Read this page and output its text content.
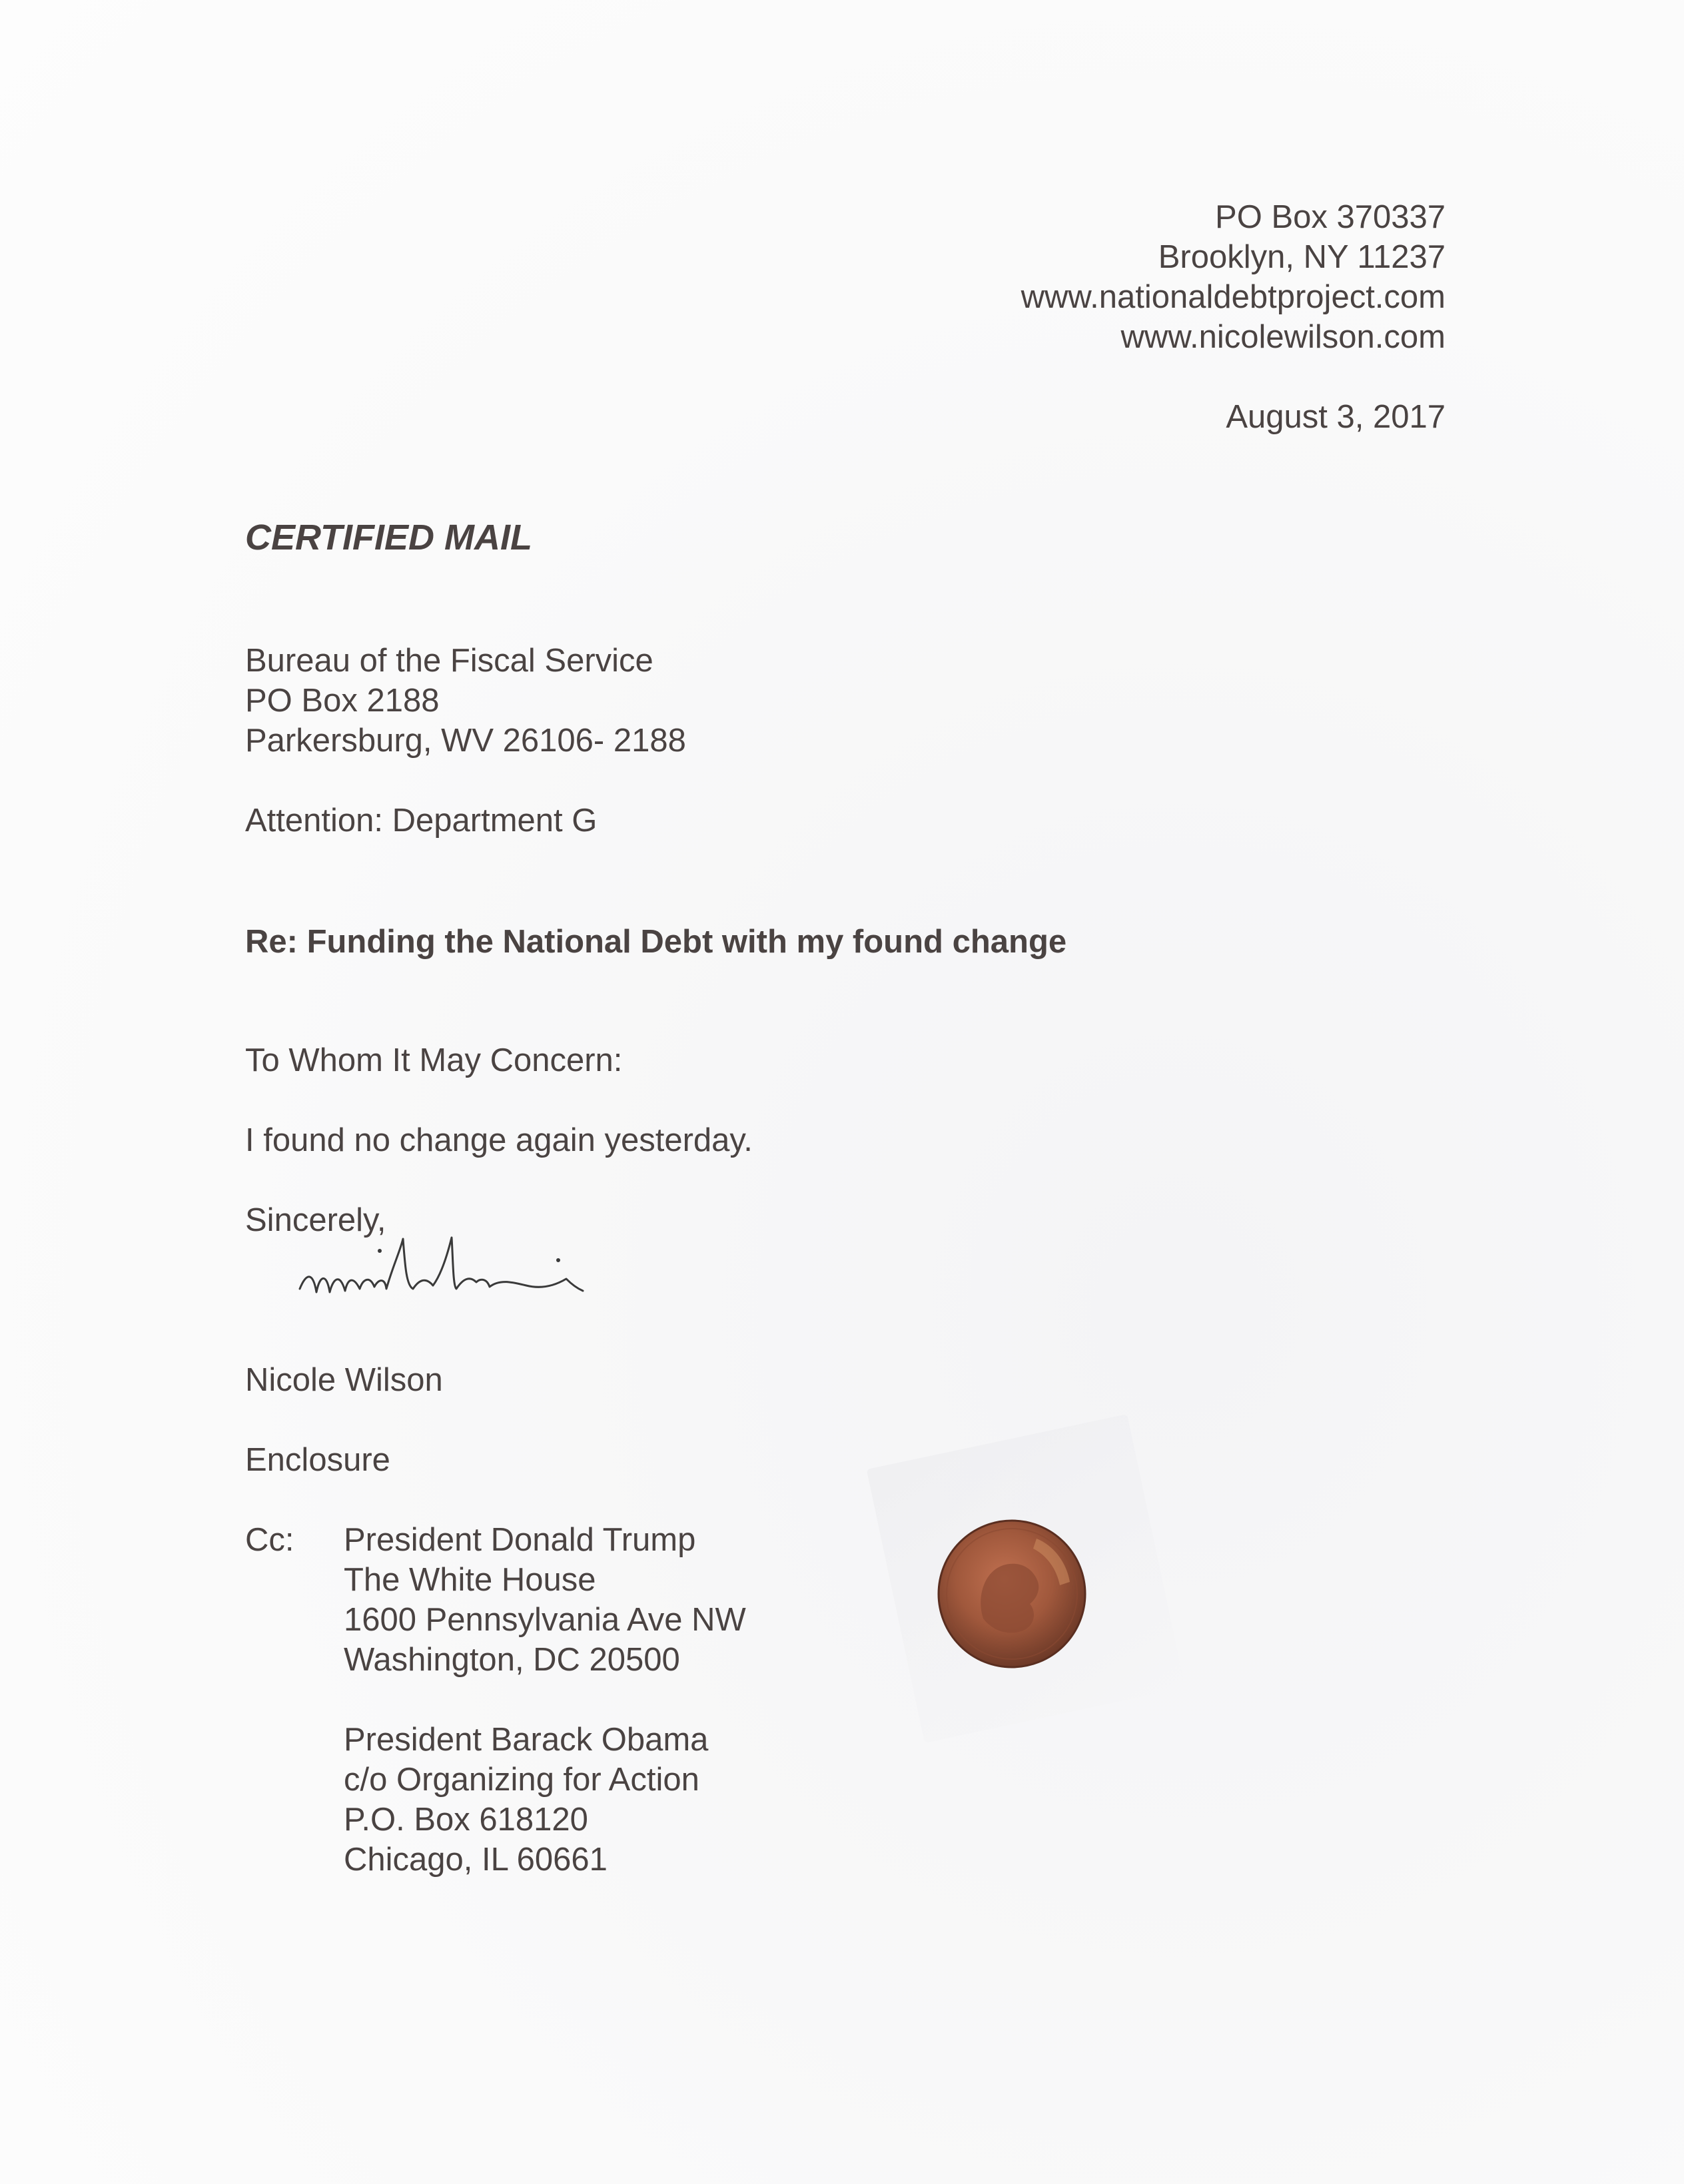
PO Box 370337
Brooklyn, NY 11237
www.nationaldebtproject.com
www.nicolewilson.com
August 3, 2017
CERTIFIED MAIL
Bureau of the Fiscal Service
PO Box 2188
Parkersburg, WV 26106- 2188
Attention: Department G
Re: Funding the National Debt with my found change
To Whom It May Concern:
I found no change again yesterday.
Sincerely,
Nicole Wilson
Enclosure
Cc: President Donald Trump
The White House
1600 Pennsylvania Ave NW
Washington, DC 20500
President Barack Obama
c/o Organizing for Action
P.O. Box 618120
Chicago, IL 60661
